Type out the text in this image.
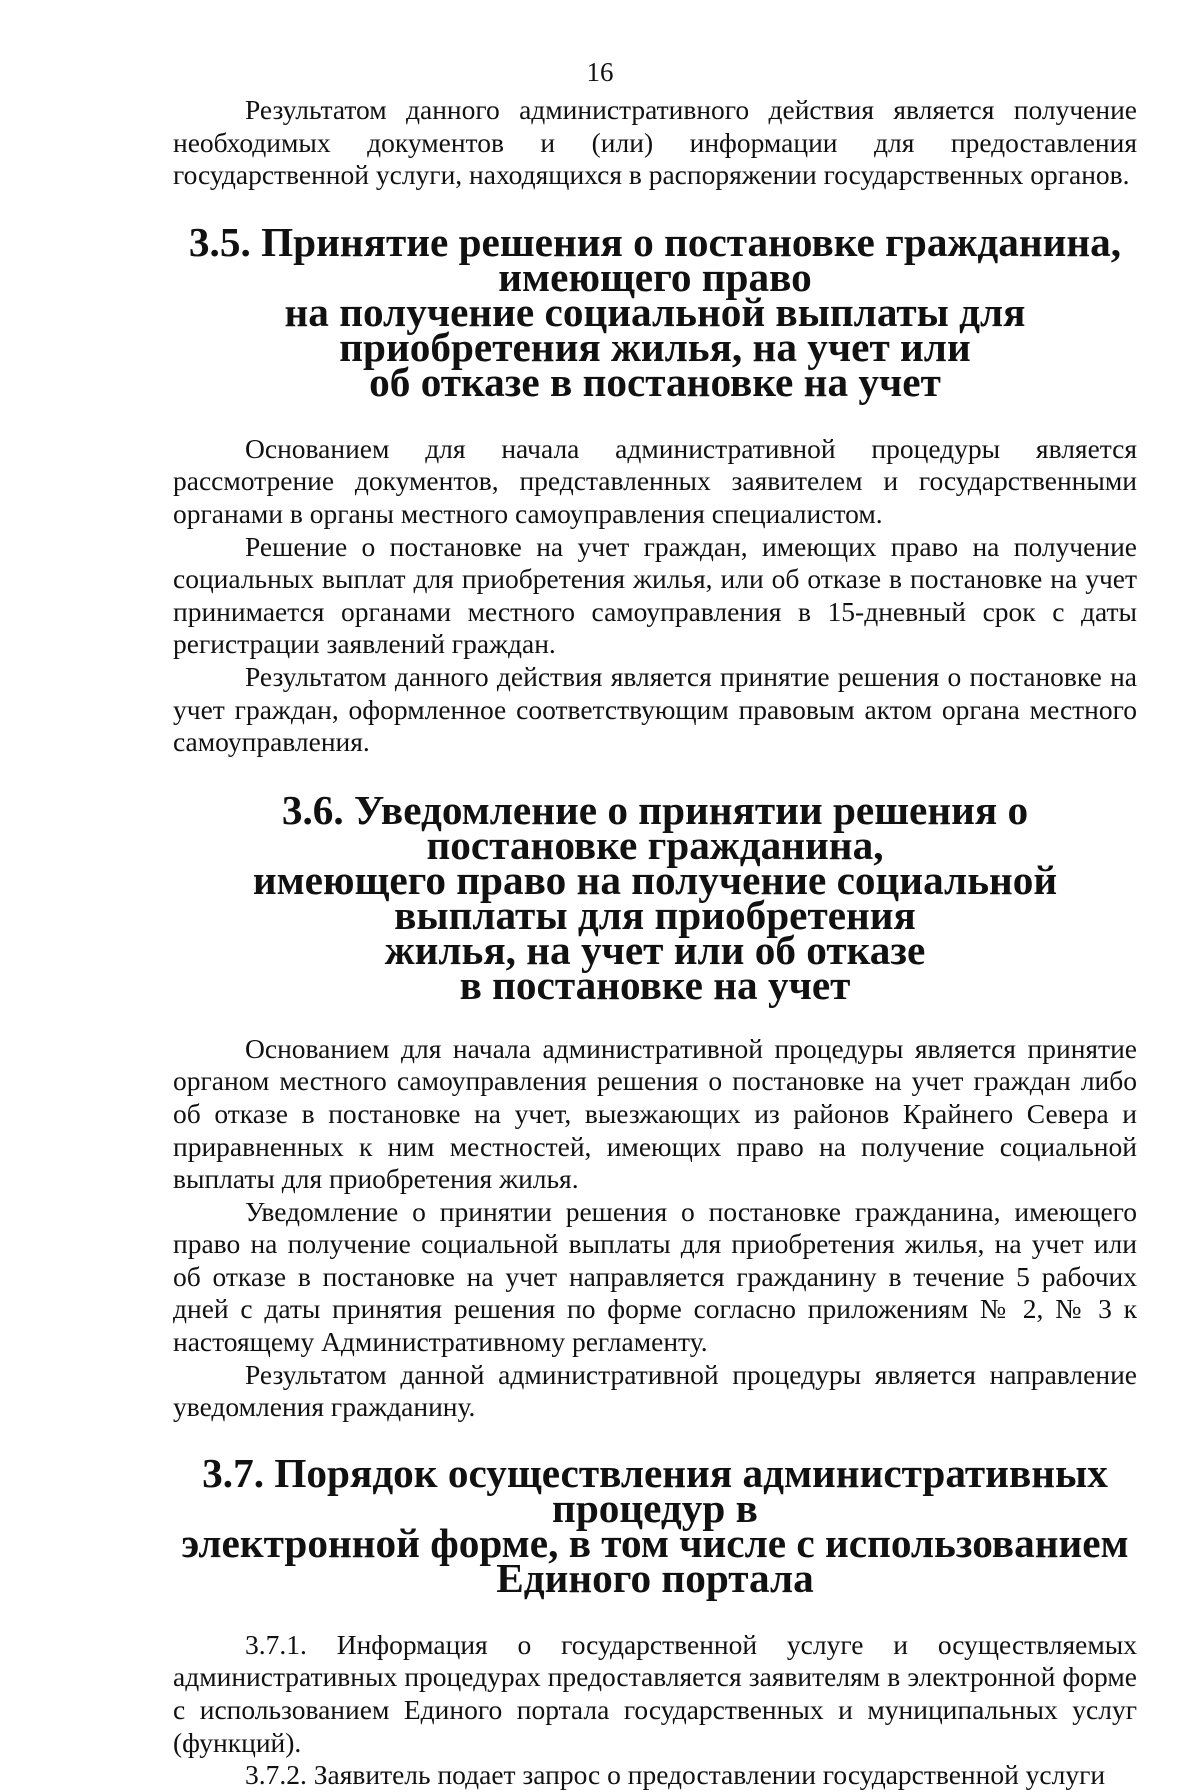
16

Результатом данного административного действия является получение необходимых документов и (или) информации для предоставления государственной услуги, находящихся в распоряжении государственных органов.

3.5. Принятие решения о постановке гражданина, имеющего право
на получение социальной выплаты для приобретения жилья, на учет или
об отказе в постановке на учет

Основанием для начала административной процедуры является рассмотрение документов, представленных заявителем и государственными органами в органы местного самоуправления специалистом.

Решение о постановке на учет граждан, имеющих право на получение социальных выплат для приобретения жилья, или об отказе в постановке на учет принимается органами местного самоуправления в 15-дневный срок с даты регистрации заявлений граждан.

Результатом данного действия является принятие решения о постановке на учет граждан, оформленное соответствующим правовым актом органа местного самоуправления.

3.6. Уведомление о принятии решения о постановке гражданина,
имеющего право на получение социальной выплаты для приобретения
жилья, на учет или об отказе
в постановке на учет

Основанием для начала административной процедуры является принятие органом местного самоуправления решения о постановке на учет граждан либо об отказе в постановке на учет, выезжающих из районов Крайнего Севера и приравненных к ним местностей, имеющих право на получение социальной выплаты для приобретения жилья.

Уведомление о принятии решения о постановке гражданина, имеющего право на получение социальной выплаты для приобретения жилья, на учет или об отказе в постановке на учет направляется гражданину в течение 5 рабочих дней с даты принятия решения по форме согласно приложениям № 2, № 3 к настоящему Административному регламенту.

Результатом данной административной процедуры является направление уведомления гражданину.

3.7. Порядок осуществления административных процедур в
электронной форме, в том числе с использованием Единого портала

3.7.1. Информация о государственной услуге и осуществляемых административных процедурах предоставляется заявителям в электронной форме с использованием Единого портала государственных и муниципальных услуг (функций).

3.7.2. Заявитель подает запрос о предоставлении государственной услуги
